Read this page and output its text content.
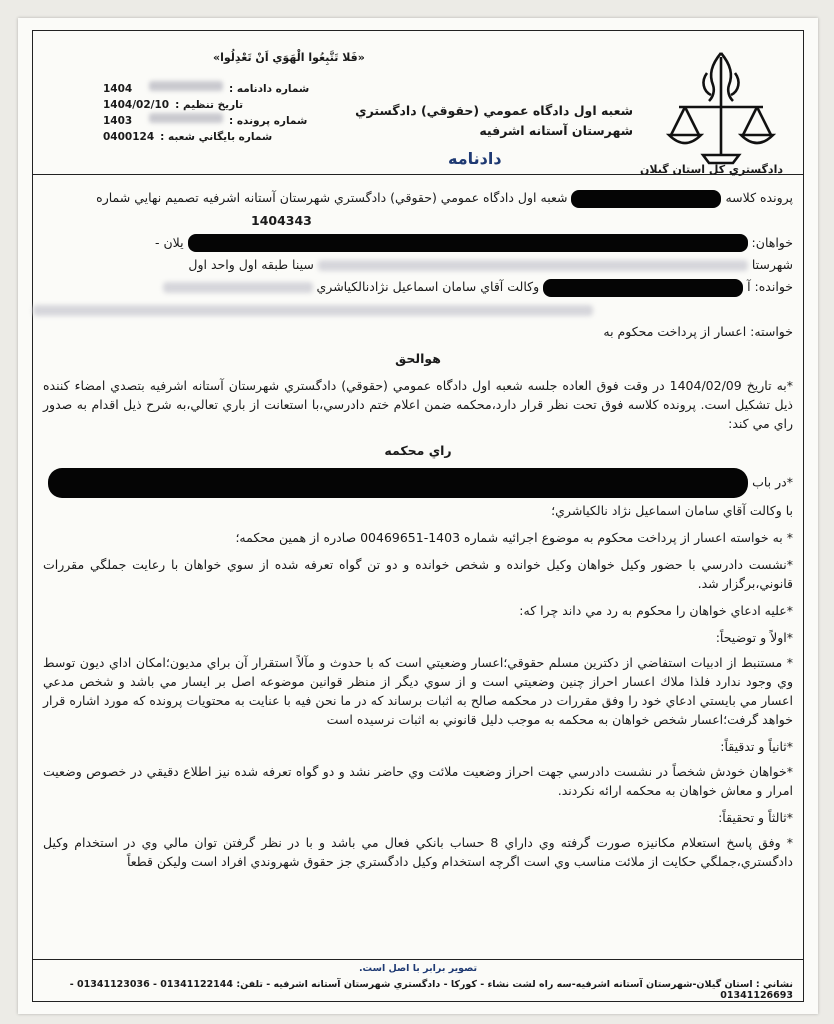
«فَلا تَتَّبِعُوا الْهَوَي اَنْ تَعْدِلُوا»
شعبه اول دادگاه عمومي (حقوقي) دادگستري شهرستان آستانه اشرفيه
دادنامه
دادگستري كل استان گيلان
شماره دادنامه :
1404
تاريخ تنظيم :
1404/02/10
شماره پرونده :
1403
شماره بايگاني شعبه :
0400124

پرونده كلاسه  شعبه اول دادگاه عمومي (حقوقي) دادگستري شهرستان آستانه اشرفيه تصميم نهايي شماره

1404343

خواهان:  يلان -

شهرستا  سينا طبقه اول واحد اول

خوانده: آ  وكالت آقاي سامان اسماعيل نژادنالكياشري

خواسته: اعسار از پرداخت محكوم به

هوالحق

*به تاريخ 1404/02/09 در وقت فوق العاده جلسه شعبه اول دادگاه عمومي (حقوقي) دادگستري شهرستان آستانه اشرفيه بتصدي امضاء كننده ذيل تشكيل است. پرونده كلاسه فوق تحت نظر قرار دارد،محكمه ضمن اعلام ختم دادرسي،با استعانت از باري تعالي،به شرح ذيل اقدام به صدور راي مي كند:

راي محكمه

*در باب

با وكالت آقاي سامان اسماعيل نژاد نالكياشري؛

* به خواسته اعسار از پرداخت محكوم به موضوع اجرائيه شماره 1403-00469651 صادره از همين محكمه؛

*نشست دادرسي با حضور وكيل خواهان وكيل خوانده و شخص خوانده و دو تن گواه تعرفه شده از سوي خواهان با رعايت جملگي مقررات قانوني،برگزار شد.

*عليه ادعاي خواهان را محكوم به رد مي داند چرا كه:

*اولاً و توضيحاً:

* مستنبط از ادبيات استفاضي از دكترين مسلم حقوقي؛اعسار وضعيتي است كه با حدوث و مآلاً استقرار آن براي مديون؛امكان اداي ديون توسط وي وجود ندارد فلذا ملاك اعسار احراز چنين وضعيتي است و از سوي ديگر از منظر قوانين موضوعه اصل بر ايسار مي باشد و شخص مدعي اعسار مي بايستي ادعاي خود را وفق مقررات در محكمه صالح به اثبات برساند كه در ما نحن فيه با عنايت به محتويات پرونده كه مورد اشاره قرار خواهد گرفت؛اعسار شخص خواهان به محكمه به موجب دليل قانوني به اثبات نرسيده است

*ثانياً و تدقيقاً:

*خواهان خودش شخصاً در نشست دادرسي جهت احراز وضعيت ملائت وي حاضر نشد و دو گواه تعرفه شده نيز اطلاع دقيقي در خصوص وضعيت امرار و معاش خواهان به محكمه ارائه نكردند.

*ثالثاً و تحقيقاً:

* وفق پاسخ استعلام مكانيزه صورت گرفته وي داراي 8 حساب بانكي فعال مي باشد و با در نظر گرفتن توان مالي وي در استخدام وكيل دادگستري،جملگي حكايت از ملائت مناسب وي است اگرچه استخدام وكيل دادگستري جز حقوق شهروندي افراد است وليكن قطعاً

تصوير برابر با اصل است.
نشاني : استان گيلان-شهرستان آستانه اشرفيه-سه راه لشت نشاء - كوركا - دادگستري شهرستان آستانه اشرفيه - تلفن: 01341122144 - 01341123036 - 01341126693
